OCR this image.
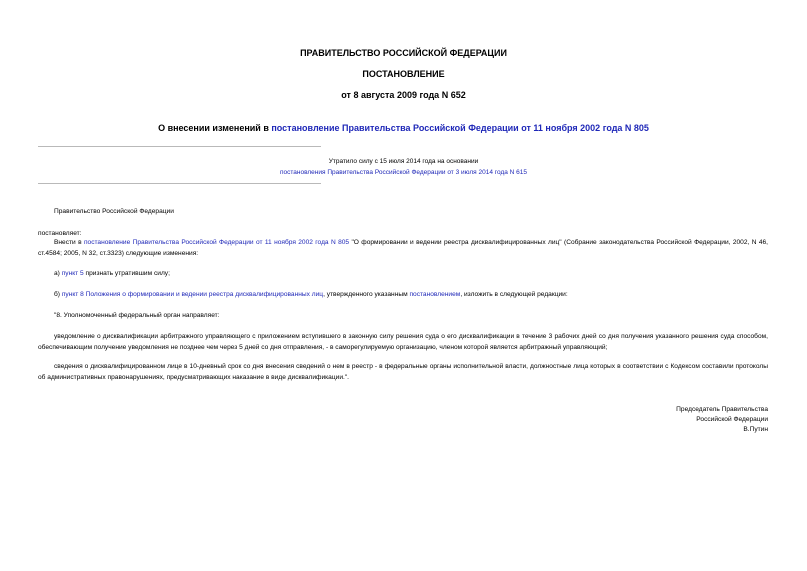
ПРАВИТЕЛЬСТВО РОССИЙСКОЙ ФЕДЕРАЦИИ
ПОСТАНОВЛЕНИЕ
от 8 августа 2009 года N 652
О внесении изменений в постановление Правительства Российской Федерации от 11 ноября 2002 года N 805
Утратило силу с 15 июля 2014 года на основании
постановления Правительства Российской Федерации от 3 июля 2014 года N 615
Правительство Российской Федерации
постановляет:
Внести в постановление Правительства Российской Федерации от 11 ноября 2002 года N 805 "О формировании и ведении реестра дисквалифицированных лиц" (Собрание законодательства Российской Федерации, 2002, N 46, ст.4584; 2005, N 32, ст.3323) следующие изменения:
а) пункт 5 признать утратившим силу;
б) пункт 8 Положения о формировании и ведении реестра дисквалифицированных лиц, утвержденного указанным постановлением, изложить в следующей редакции:
"8. Уполномоченный федеральный орган направляет:
уведомление о дисквалификации арбитражного управляющего с приложением вступившего в законную силу решения суда о его дисквалификации в течение 3 рабочих дней со дня получения указанного решения суда способом, обеспечивающим получение уведомления не позднее чем через 5 дней со дня отправления, - в саморегулируемую организацию, членом которой является арбитражный управляющий;
сведения о дисквалифицированном лице в 10-дневный срок со дня внесения сведений о нем в реестр - в федеральные органы исполнительной власти, должностные лица которых в соответствии с Кодексом составили протоколы об административных правонарушениях, предусматривающих наказание в виде дисквалификации.".
Председатель Правительства
Российской Федерации
В.Путин
